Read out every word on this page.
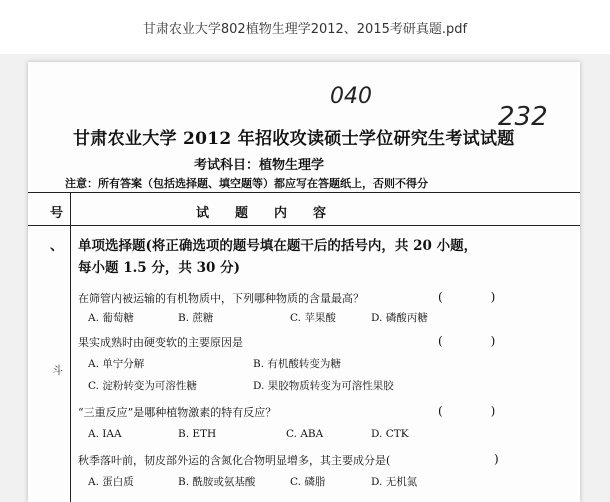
甘肃农业大学802植物生理学2012、2015考研真题.pdf
040
232
甘肃农业大学 2012 年招收攻读硕士学位研究生考试试题
考试科目：植物生理学
注意：所有答案（包括选择题、填空题等）都应写在答题纸上，否则不得分
号	试　　题　　内　　容
、 单项选择题(将正确选项的题号填在题干后的括号内，共 20 小题，
每小题 1.5 分，共 30 分)
在筛管内被运输的有机物质中，下列哪种物质的含量最高？	(　　　　)
A. 葡萄糖	B. 蔗糖	C. 苹果酸	D. 磷酸丙糖
果实成熟时由硬变软的主要原因是	(　　　　)
A. 单宁分解	B. 有机酸转变为糖
C. 淀粉转变为可溶性糖	D. 果胶物质转变为可溶性果胶
斗
“三重反应”是哪种植物激素的特有反应？	(　　　　)
A. IAA	B. ETH	C. ABA	D. CTK
秋季落叶前，韧皮部外运的含氮化合物明显增多，其主要成分是(	)
A. 蛋白质	B. 酰胺或氨基酸	C. 磷脂	D. 无机氮
